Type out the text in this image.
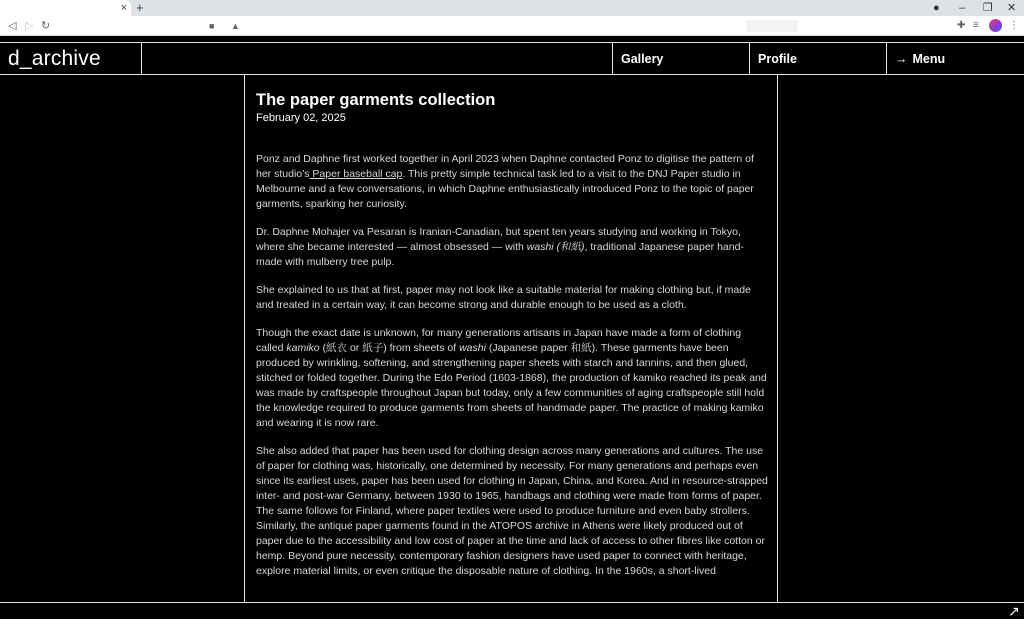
× +	● – ❐ ✕
◁ ▷ ↻	■ ▲	✚ ≡	⋮
d_archive	Gallery	Profile	→ Menu
The paper garments collection
February 02, 2025

Ponz and Daphne first worked together in April 2023 when Daphne contacted Ponz to digitise the pattern of her studio’s Paper baseball cap. This pretty simple technical task led to a visit to the DNJ Paper studio in Melbourne and a few conversations, in which Daphne enthusiastically introduced Ponz to the topic of paper garments, sparking her curiosity.

Dr. Daphne Mohajer va Pesaran is Iranian-Canadian, but spent ten years studying and working in Tokyo, where she became interested — almost obsessed — with washi (和紙), traditional Japanese paper hand-made with mulberry tree pulp.

She explained to us that at first, paper may not look like a suitable material for making clothing but, if made and treated in a certain way, it can become strong and durable enough to be used as a cloth.

Though the exact date is unknown, for many generations artisans in Japan have made a form of clothing called kamiko (紙衣 or 紙子) from sheets of washi (Japanese paper 和紙). These garments have been produced by wrinkling, softening, and strengthening paper sheets with starch and tannins, and then glued, stitched or folded together. During the Edo Period (1603-1868), the production of kamiko reached its peak and was made by craftspeople throughout Japan but today, only a few communities of aging craftspeople still hold the knowledge required to produce garments from sheets of handmade paper. The practice of making kamiko and wearing it is now rare.

She also added that paper has been used for clothing design across many generations and cultures. The use of paper for clothing was, historically, one determined by necessity. For many generations and perhaps even since its earliest uses, paper has been used for clothing in Japan, China, and Korea. And in resource-strapped inter- and post-war Germany, between 1930 to 1965, handbags and clothing were made from forms of paper. The same follows for Finland, where paper textiles were used to produce furniture and even baby strollers. Similarly, the antique paper garments found in the ATOPOS archive in Athens were likely produced out of paper due to the accessibility and low cost of paper at the time and lack of access to other fibres like cotton or hemp. Beyond pure necessity, contemporary fashion designers have used paper to connect with heritage, explore material limits, or even critique the disposable nature of clothing. In the 1960s, a short-lived

↗
